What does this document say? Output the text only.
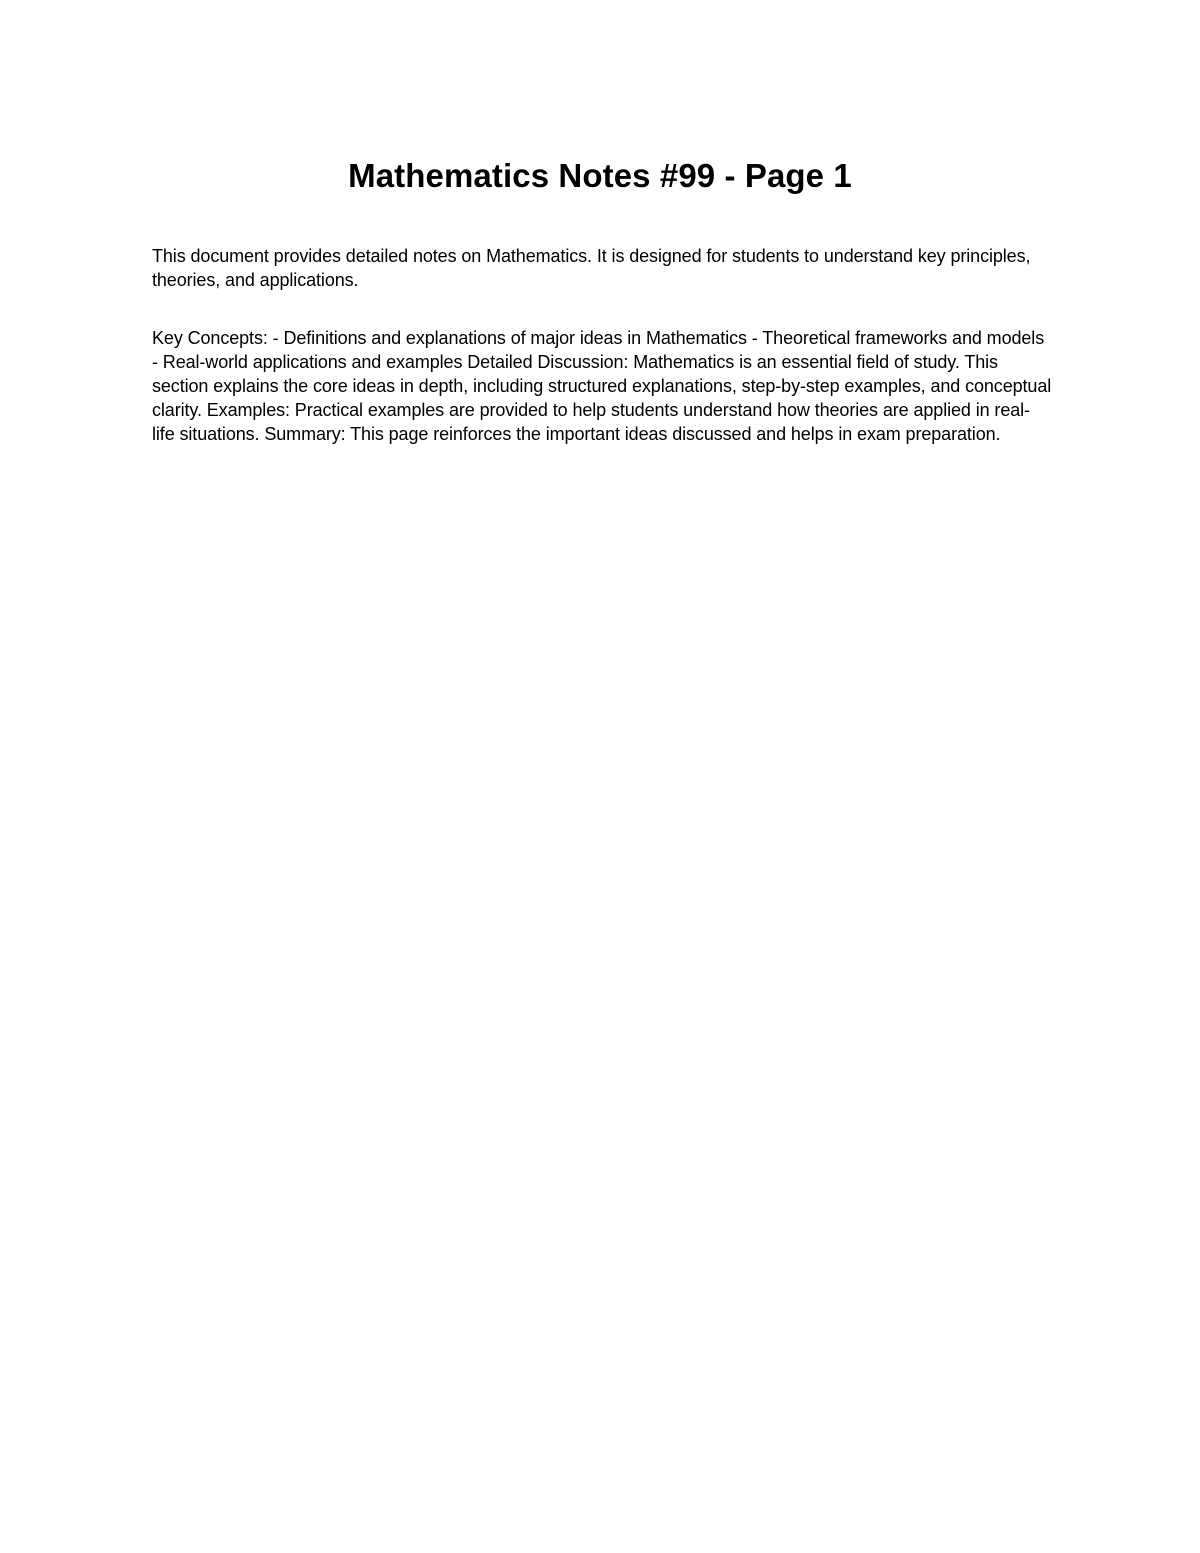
Mathematics Notes #99 - Page 1

This document provides detailed notes on Mathematics. It is designed for students to understand key principles, theories, and applications.

Key Concepts: - Definitions and explanations of major ideas in Mathematics - Theoretical frameworks and models - Real-world applications and examples Detailed Discussion: Mathematics is an essential field of study. This section explains the core ideas in depth, including structured explanations, step-by-step examples, and conceptual clarity. Examples: Practical examples are provided to help students understand how theories are applied in real-life situations. Summary: This page reinforces the important ideas discussed and helps in exam preparation.
